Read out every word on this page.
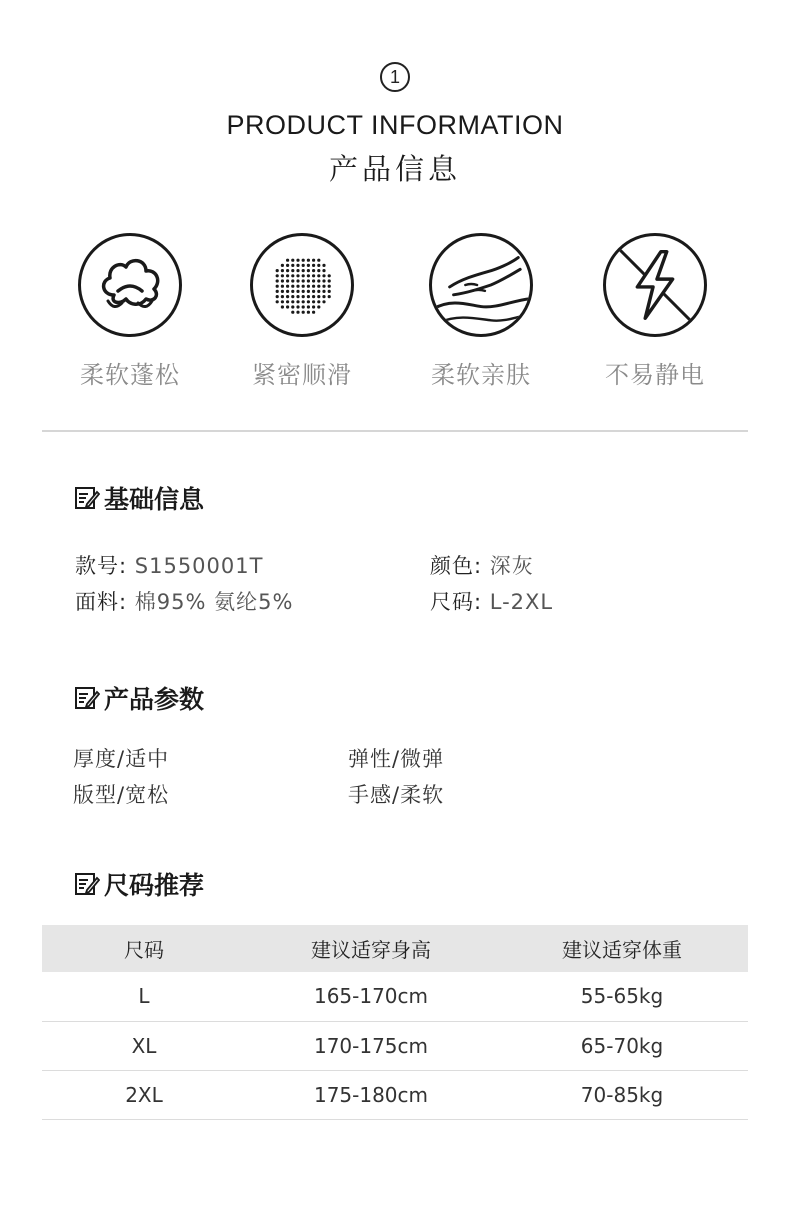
1
PRODUCT INFORMATION
产品信息
柔软蓬松	紧密顺滑	柔软亲肤	不易静电
基础信息
款号: S1550001T	颜色: 深灰
面料: 棉95% 氨纶5%	尺码: L-2XL
产品参数
厚度/适中	弹性/微弹
版型/宽松	手感/柔软
尺码推荐
尺码	建议适穿身高	建议适穿体重
L	165-170cm	55-65kg
XL	170-175cm	65-70kg
2XL	175-180cm	70-85kg
